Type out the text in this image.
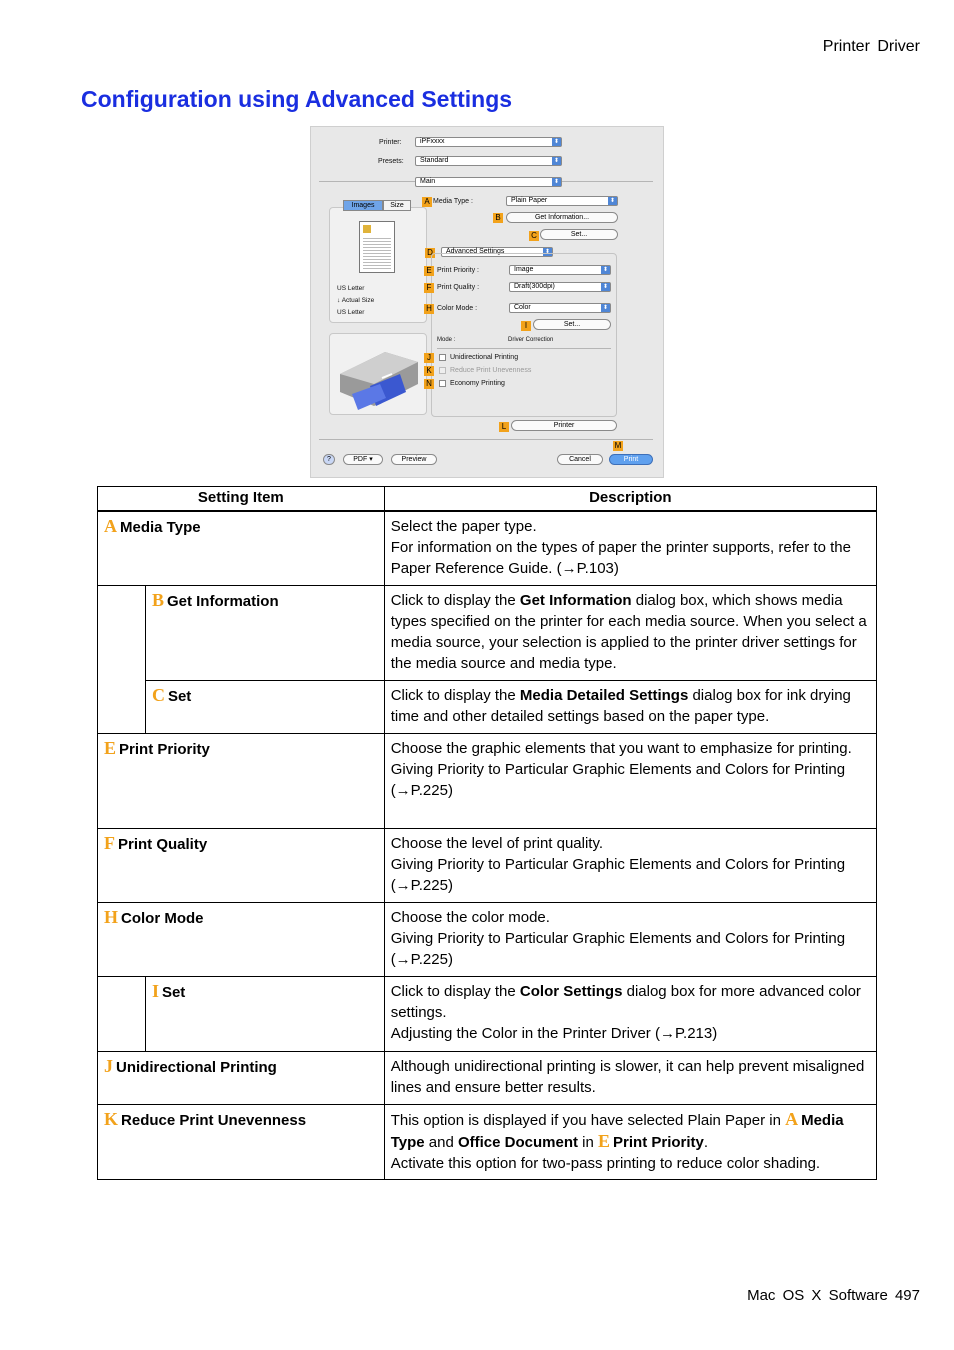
Printer Driver
Configuration using Advanced Settings
Printer:	iPFxxxx	⬍
Presets:	Standard	⬍
Main	⬍
Images	Size
US Letter
↓ Actual Size
US Letter
A Media Type :	Plain Paper	⬍
B	Get Information...
C	Set...
D	Advanced Settings	⬍
E Print Priority :	Image	⬍
F Print Quality :	Draft(300dpi)	⬍
H Color Mode :	Color	⬍
I	Set...
Mode :	Driver Correction
J	Unidirectional Printing
K	Reduce Print Unevenness
N	Economy Printing
L	Printer
M
?	PDF ▾	Preview	Cancel	Print
Setting Item		Description
A Media Type		Select the paper type.
For information on the types of paper the printer supports, refer to the Paper Reference Guide. (→P.103)

	B Get Information	Click to display the Get Information dialog box, which shows media types specified on the printer for each media source. When you select a media source, your selection is applied to the printer driver settings for the media source and media type.
	C Set	Click to display the Media Detailed Settings dialog box for ink drying time and other detailed settings based on the paper type.
E Print Priority		Choose the graphic elements that you want to emphasize for printing.
Giving Priority to Particular Graphic Elements and Colors for Printing (→P.225)

F Print Quality		Choose the level of print quality.
Giving Priority to Particular Graphic Elements and Colors for Printing (→P.225)

H Color Mode		Choose the color mode.
Giving Priority to Particular Graphic Elements and Colors for Printing (→P.225)

	I Set	Click to display the Color Settings dialog box for more advanced color settings.
Adjusting the Color in the Printer Driver (→P.213)

J Unidirectional Printing		Although unidirectional printing is slower, it can help prevent misaligned lines and ensure better results.

K Reduce Print Unevenness		This option is displayed if you have selected Plain Paper in A Media Type and Office Document in E Print Priority.
Activate this option for two-pass printing to reduce color shading.
Mac OS X Software 497
